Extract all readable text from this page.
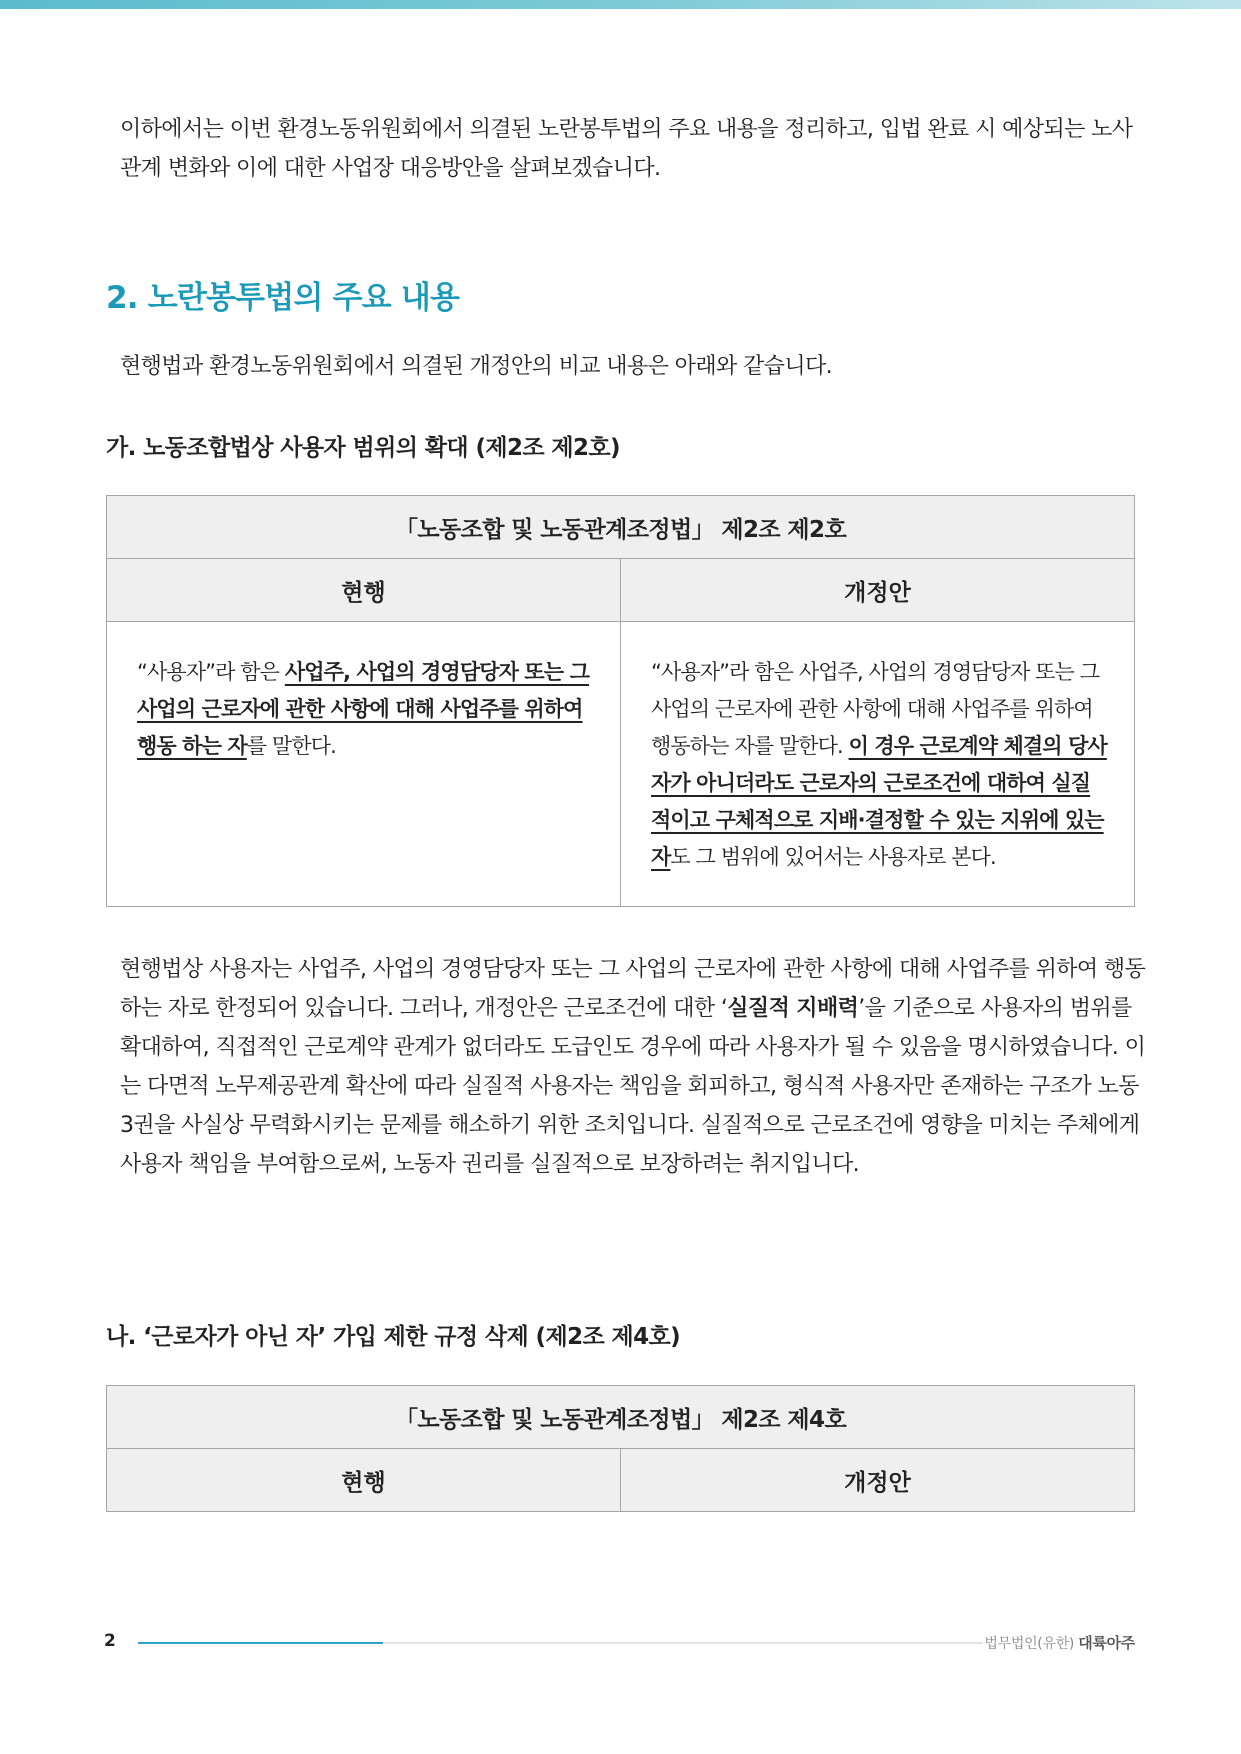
이하에서는 이번 환경노동위원회에서 의결된 노란봉투법의 주요 내용을 정리하고, 입법 완료 시 예상되는 노사관계 변화와 이에 대한 사업장 대응방안을 살펴보겠습니다.

2. 노란봉투법의 주요 내용

현행법과 환경노동위원회에서 의결된 개정안의 비교 내용은 아래와 같습니다.

가. 노동조합법상 사용자 범위의 확대 (제2조 제2호)
「노동조합 및 노동관계조정법」 제2조 제2호	
현행	개정안
“사용자”라 함은 사업주, 사업의 경영담당자 또는 그 사업의 근로자에 관한 사항에 대해 사업주를 위하여 행동 하는 자를 말한다.	“사용자”라 함은 사업주, 사업의 경영담당자 또는 그 사업의 근로자에 관한 사항에 대해 사업주를 위하여 행동하는 자를 말한다. 이 경우 근로계약 체결의 당사자가 아니더라도 근로자의 근로조건에 대하여 실질적이고 구체적으로 지배·결정할 수 있는 지위에 있는 자도 그 범위에 있어서는 사용자로 본다.

현행법상 사용자는 사업주, 사업의 경영담당자 또는 그 사업의 근로자에 관한 사항에 대해 사업주를 위하여 행동하는 자로 한정되어 있습니다. 그러나, 개정안은 근로조건에 대한 ‘실질적 지배력’을 기준으로 사용자의 범위를 확대하여, 직접적인 근로계약 관계가 없더라도 도급인도 경우에 따라 사용자가 될 수 있음을 명시하였습니다. 이는 다면적 노무제공관계 확산에 따라 실질적 사용자는 책임을 회피하고, 형식적 사용자만 존재하는 구조가 노동3권을 사실상 무력화시키는 문제를 해소하기 위한 조치입니다. 실질적으로 근로조건에 영향을 미치는 주체에게 사용자 책임을 부여함으로써, 노동자 권리를 실질적으로 보장하려는 취지입니다.

나. ‘근로자가 아닌 자’ 가입 제한 규정 삭제 (제2조 제4호)
「노동조합 및 노동관계조정법」 제2조 제4호
현행	개정안
2	법무법인(유한) 대륙아주
